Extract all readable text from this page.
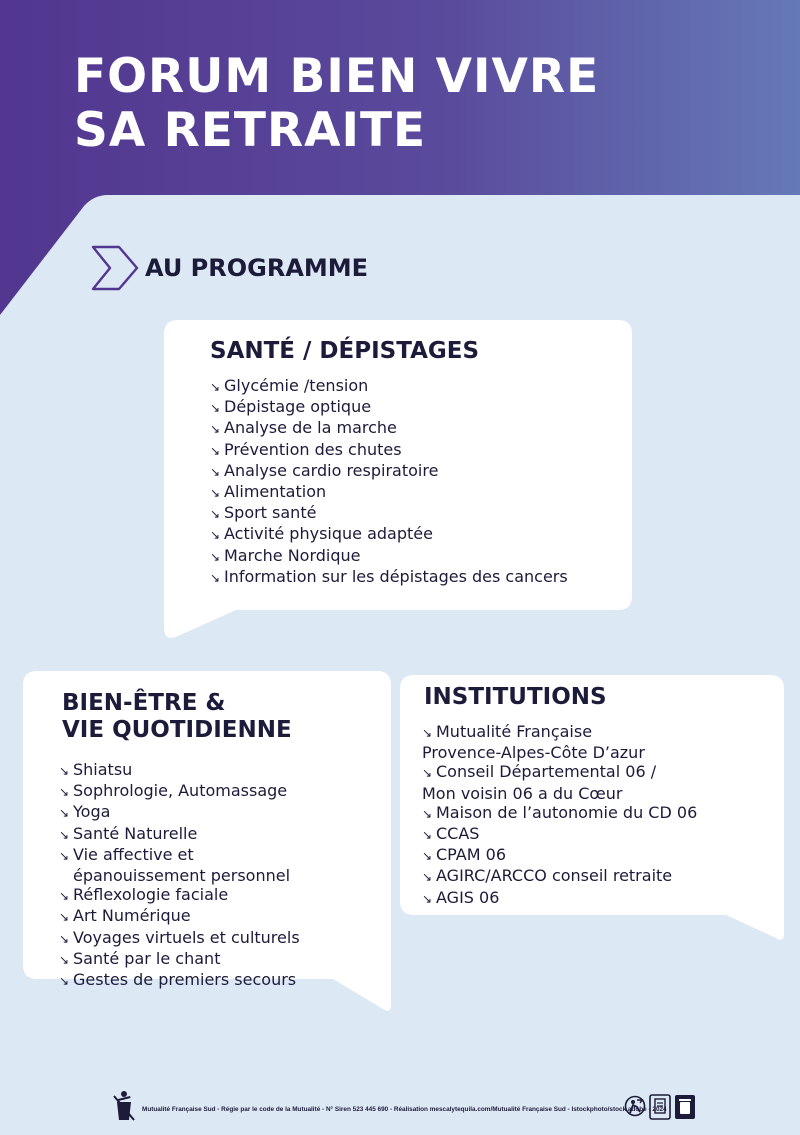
FORUM BIEN VIVRE
SA RETRAITE
AU PROGRAMME
SANTÉ / DÉPISTAGES
↘ Glycémie /tension
↘ Dépistage optique
↘ Analyse de la marche
↘ Prévention des chutes
↘ Analyse cardio respiratoire
↘ Alimentation
↘ Sport santé
↘ Activité physique adaptée
↘ Marche Nordique
↘ Information sur les dépistages des cancers
BIEN-ÊTRE &
VIE QUOTIDIENNE
↘ Shiatsu
↘ Sophrologie, Automassage
↘ Yoga
↘ Santé Naturelle
↘ Vie affective et
épanouissement personnel
↘ Réflexologie faciale
↘ Art Numérique
↘ Voyages virtuels et culturels
↘ Santé par le chant
↘ Gestes de premiers secours
INSTITUTIONS
↘ Mutualité Française
Provence-Alpes-Côte D’azur
↘ Conseil Départemental 06 /
Mon voisin 06 a du Cœur
↘ Maison de l’autonomie du CD 06
↘ CCAS
↘ CPAM 06
↘ AGIRC/ARCCO conseil retraite
↘ AGIS 06
Mutualité Française Sud - Régie par le code de la Mutualité - N° Siren 523 445 690 - Réalisation mescalytequila.com/Mutualité Française Sud - Istockphoto/stock.adobe - 2024
